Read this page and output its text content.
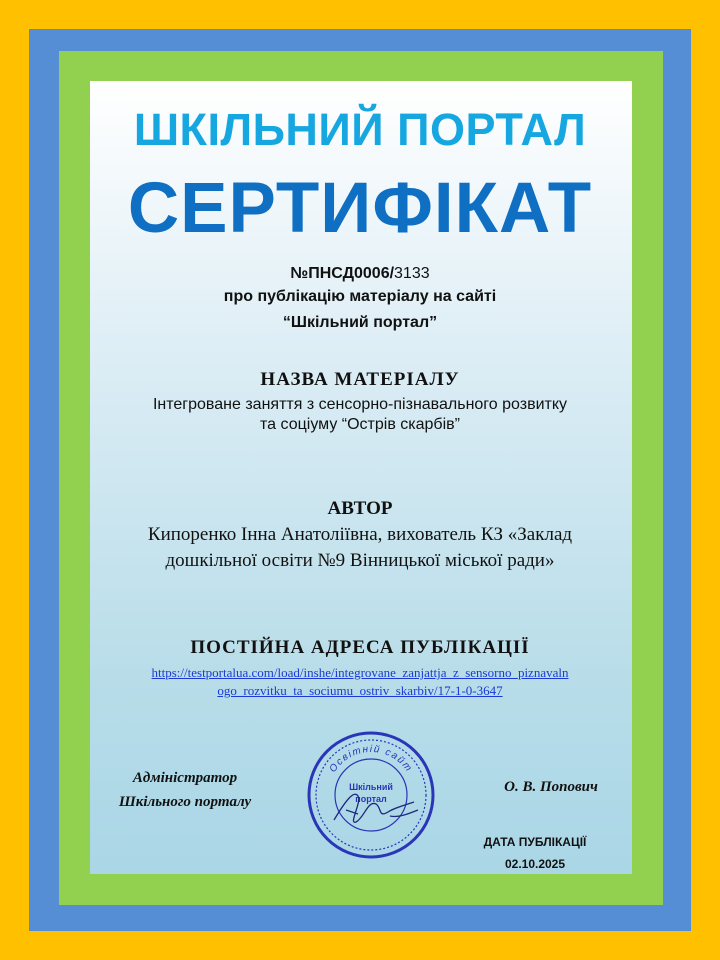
ШКІЛЬНИЙ ПОРТАЛ
СЕРТИФІКАТ
№ПНСД0006/3133
про публікацію матеріалу на сайті
“Шкільний портал”
НАЗВА МАТЕРІАЛУ
Інтегроване заняття з сенсорно-пізнавального розвитку
та соціуму “Острів скарбів”
АВТОР
Кипоренко Інна Анатоліївна, вихователь КЗ «Заклад
дошкільної освіти №9 Вінницької міської ради»
ПОСТІЙНА АДРЕСА ПУБЛІКАЦІЇ
https://testportalua.com/load/inshe/integrovane_zanjattja_z_sensorno_piznavaln
ogo_rozvitku_ta_sociumu_ostriv_skarbiv/17-1-0-3647
Адміністратор
Шкільного порталу
Освітній сайт
Шкільний
портал
О. В. Попович
ДАТА ПУБЛІКАЦІЇ
02.10.2025
